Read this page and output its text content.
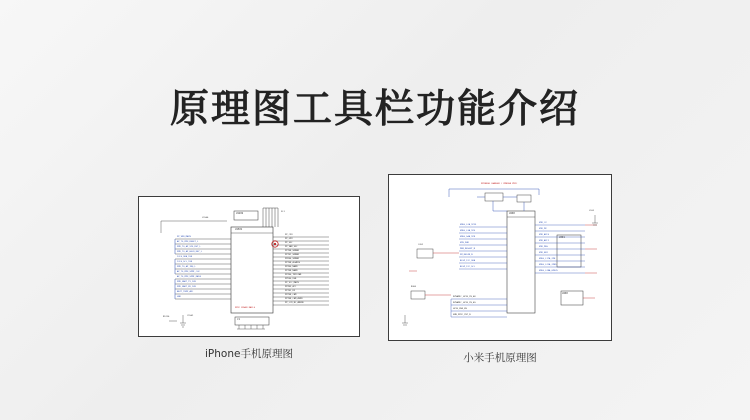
原理图工具栏功能介绍
PP_VDD_MAIN
AP_TO_PMU_RESET_L
PMU_TO_AP_SYS_RST_L
PMU_TO_AP_HOLD_KEY_L
I2C0_SDA_1V8
I2C0_SCL_1V8
PMU_TO_AP_IRQ_L
AP_TO_PMU_SPMI_CLK
AP_TO_PMU_SPMI_DATA
PMU_UART_TX_1V8
PMU_UART_RX_1V8
BATT_TEMP_ADC
GND
PP_CPU
PP_GPU
PP_SOC
PP_VAR_SOC
PP1V8_SDRAM
PP1V1_SDRAM
PP0V6_SDRAM
PP1V8_ALWAYS
PP3V0_NAND
PP1V8_NAND
PP3V0_TRISTAR
PP5V0_USB
PP_VCC_MAIN
PP3V3_ACC
PP1V2_RF
PP2V8_CAM
PP1V8_CAM_AVDD
PP_LCD_BL_ANODE
U1501
U1202
J1
C1501
R1220
L1500
FL1
PMIC POWER RAILS
iPhone手机原理图
VREG_L2A_1P25
VREG_L3A_1P0
VREG_S4A_1P8
VPH_PWR
MSM_RESOUT_N
PM_RESIN_N
BLSP_I2C_SDA
BLSP_I2C_SCL
VDD_CX
VDD_MX
VDD_APC0
VDD_APC1
VDD_MSS
VDD_EBI
VREG_L17A_2P8
VREG_L22A_2P85
VREG_L28A_0P925
DYNAMIC_GPIO_IN_48
DYNAMIC_GPIO_IN_49
GPIO_PWR_EN
SMB_PMIC_INT_N
U200
U301
U400
C201
R305
L102
PMI8998 CHARGER / PM8998 PMIC
小米手机原理图
